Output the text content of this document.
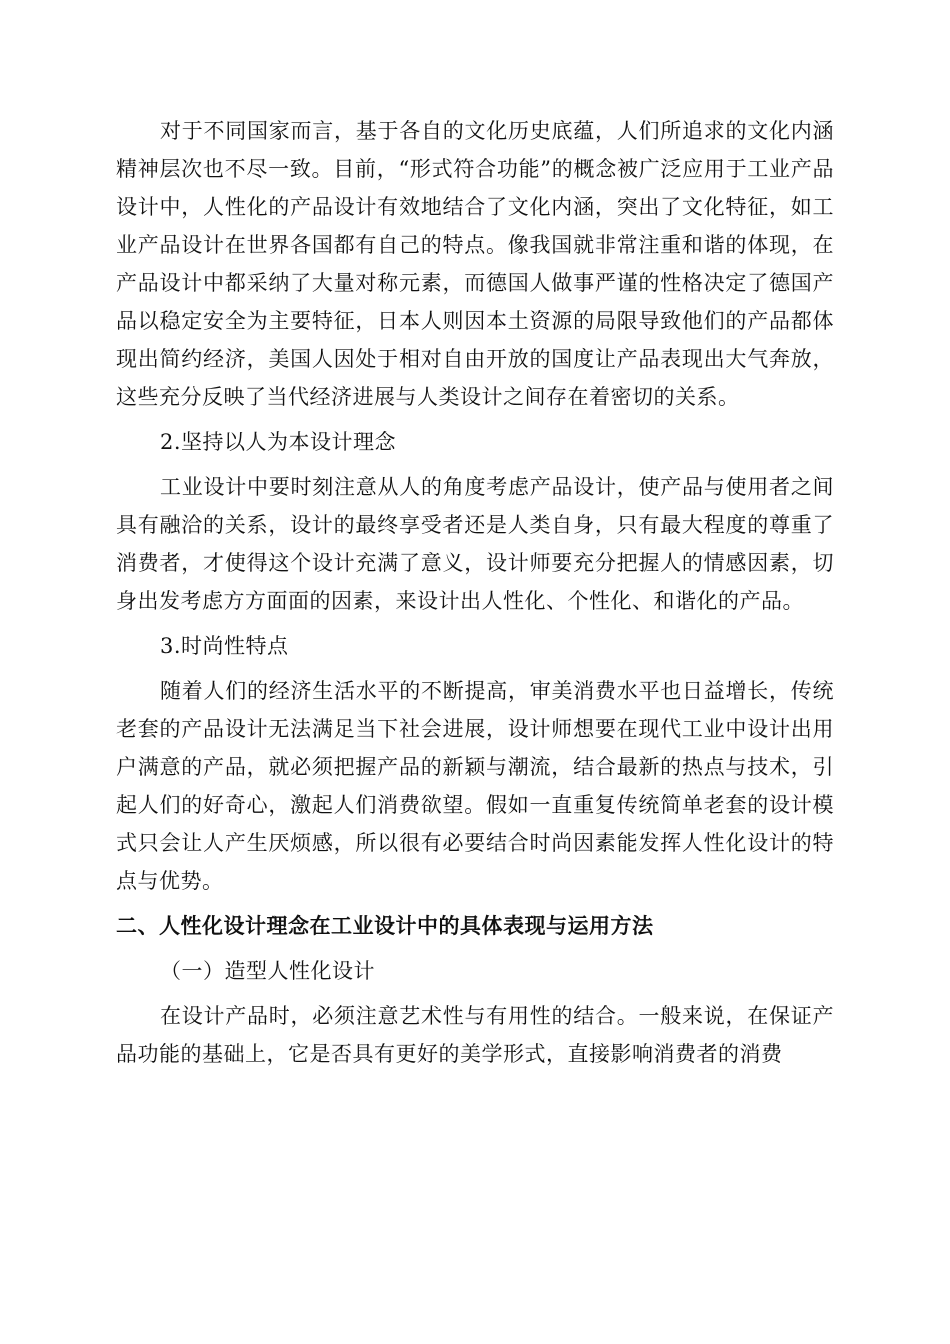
对于不同国家而言，基于各自的文化历史底蕴，人们所追求的文化内涵精神层次也不尽一致。目前，“形式符合功能”的概念被广泛应用于工业产品设计中，人性化的产品设计有效地结合了文化内涵，突出了文化特征，如工业产品设计在世界各国都有自己的特点。像我国就非常注重和谐的体现，在产品设计中都采纳了大量对称元素，而德国人做事严谨的性格决定了德国产品以稳定安全为主要特征，日本人则因本土资源的局限导致他们的产品都体现出简约经济，美国人因处于相对自由开放的国度让产品表现出大气奔放，这些充分反映了当代经济进展与人类设计之间存在着密切的关系。

2.坚持以人为本设计理念

工业设计中要时刻注意从人的角度考虑产品设计，使产品与使用者之间具有融洽的关系，设计的最终享受者还是人类自身，只有最大程度的尊重了消费者，才使得这个设计充满了意义，设计师要充分把握人的情感因素，切身出发考虑方方面面的因素，来设计出人性化、个性化、和谐化的产品。

3.时尚性特点

随着人们的经济生活水平的不断提高，审美消费水平也日益增长，传统老套的产品设计无法满足当下社会进展，设计师想要在现代工业中设计出用户满意的产品，就必须把握产品的新颖与潮流，结合最新的热点与技术，引起人们的好奇心，激起人们消费欲望。假如一直重复传统简单老套的设计模式只会让人产生厌烦感，所以很有必要结合时尚因素能发挥人性化设计的特点与优势。

二、人性化设计理念在工业设计中的具体表现与运用方法

（一）造型人性化设计

在设计产品时，必须注意艺术性与有用性的结合。一般来说，在保证产品功能的基础上，它是否具有更好的美学形式，直接影响消费者的消费
